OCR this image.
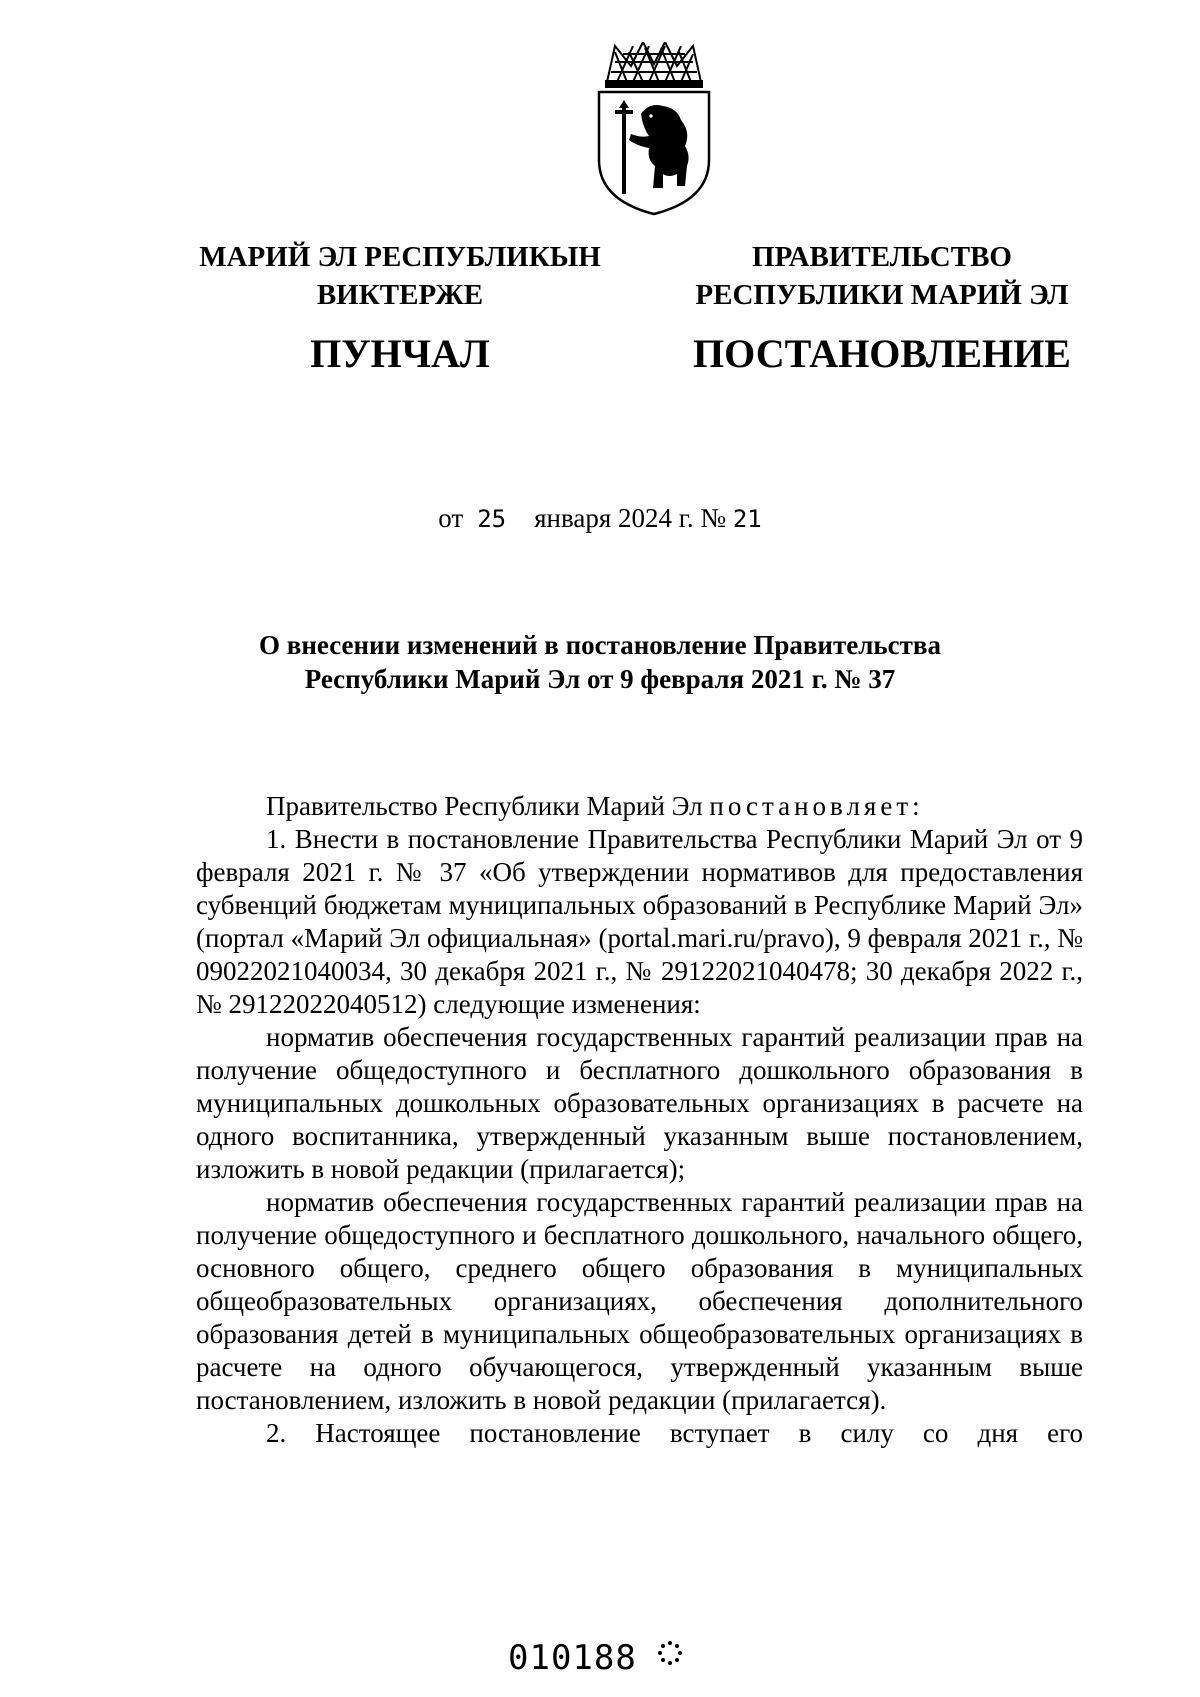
МАРИЙ ЭЛ РЕСПУБЛИКЫН
ВИКТЕРЖЕ
ПУНЧАЛ
ПРАВИТЕЛЬСТВО
РЕСПУБЛИКИ МАРИЙ ЭЛ
ПОСТАНОВЛЕНИЕ
от 25 января 2024 г. № 21
О внесении изменений в постановление Правительства
Республики Марий Эл от 9 февраля 2021 г. № 37

Правительство Республики Марий Эл постановляет:

1. Внести в постановление Правительства Республики Марий Эл от 9 февраля 2021 г. № 37 «Об утверждении нормативов для предоставления субвенций бюджетам муниципальных образований в Республике Марий Эл» (портал «Марий Эл официальная» (portal.mari.ru/pravo), 9 февраля 2021 г., № 09022021040034, 30 декабря 2021 г., № 29122021040478; 30 декабря 2022 г., № 29122022040512) следующие изменения:

норматив обеспечения государственных гарантий реализации прав на получение общедоступного и бесплатного дошкольного образования в муниципальных дошкольных образовательных организациях в расчете на одного воспитанника, утвержденный указанным выше постановлением, изложить в новой редакции (прилагается);

норматив обеспечения государственных гарантий реализации прав на получение общедоступного и бесплатного дошкольного, начального общего, основного общего, среднего общего образования в муниципальных общеобразовательных организациях, обеспечения дополнительного образования детей в муниципальных общеобразовательных организациях в расчете на одного обучающегося, утвержденный указанным выше постановлением, изложить в новой редакции (прилагается).

2. Настоящее постановление вступает в силу со дня его

010188
